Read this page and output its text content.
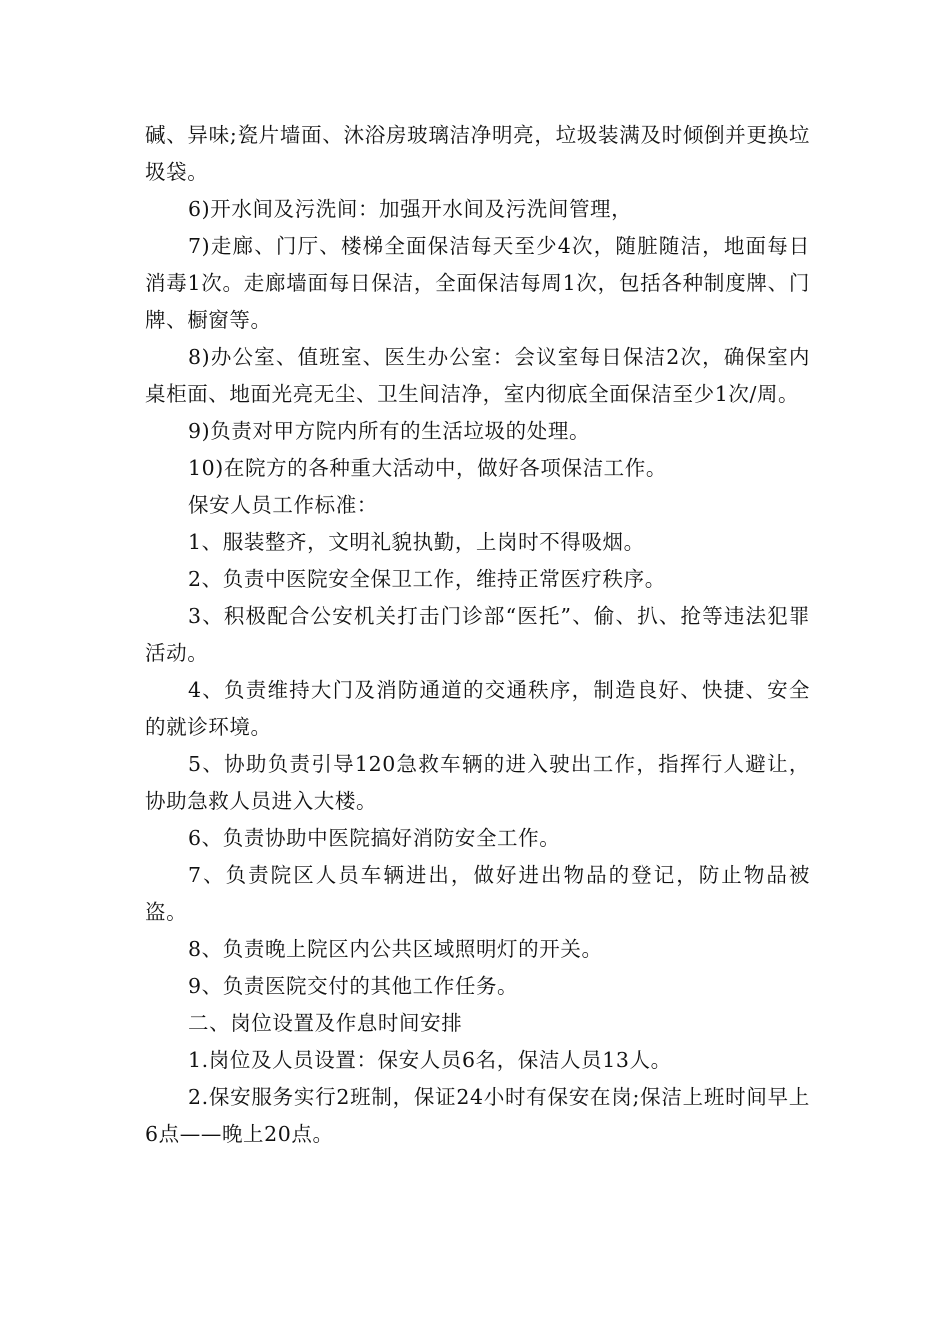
碱、异味;瓷片墙面、沐浴房玻璃洁净明亮，垃圾装满及时倾倒并更换垃圾袋。

6)开水间及污洗间：加强开水间及污洗间管理，

7)走廊、门厅、楼梯全面保洁每天至少4次，随脏随洁，地面每日消毒1次。走廊墙面每日保洁，全面保洁每周1次，包括各种制度牌、门牌、橱窗等。

8)办公室、值班室、医生办公室：会议室每日保洁2次，确保室内桌柜面、地面光亮无尘、卫生间洁净，室内彻底全面保洁至少1次/周。

9)负责对甲方院内所有的生活垃圾的处理。

10)在院方的各种重大活动中，做好各项保洁工作。

保安人员工作标准：

1、服装整齐，文明礼貌执勤，上岗时不得吸烟。

2、负责中医院安全保卫工作，维持正常医疗秩序。

3、积极配合公安机关打击门诊部“医托”、偷、扒、抢等违法犯罪活动。

4、负责维持大门及消防通道的交通秩序，制造良好、快捷、安全的就诊环境。

5、协助负责引导120急救车辆的进入驶出工作，指挥行人避让，协助急救人员进入大楼。

6、负责协助中医院搞好消防安全工作。

7、负责院区人员车辆进出，做好进出物品的登记，防止物品被盗。

8、负责晚上院区内公共区域照明灯的开关。

9、负责医院交付的其他工作任务。

二、岗位设置及作息时间安排

1.岗位及人员设置：保安人员6名，保洁人员13人。

2.保安服务实行2班制，保证24小时有保安在岗;保洁上班时间早上6点——晚上20点。
